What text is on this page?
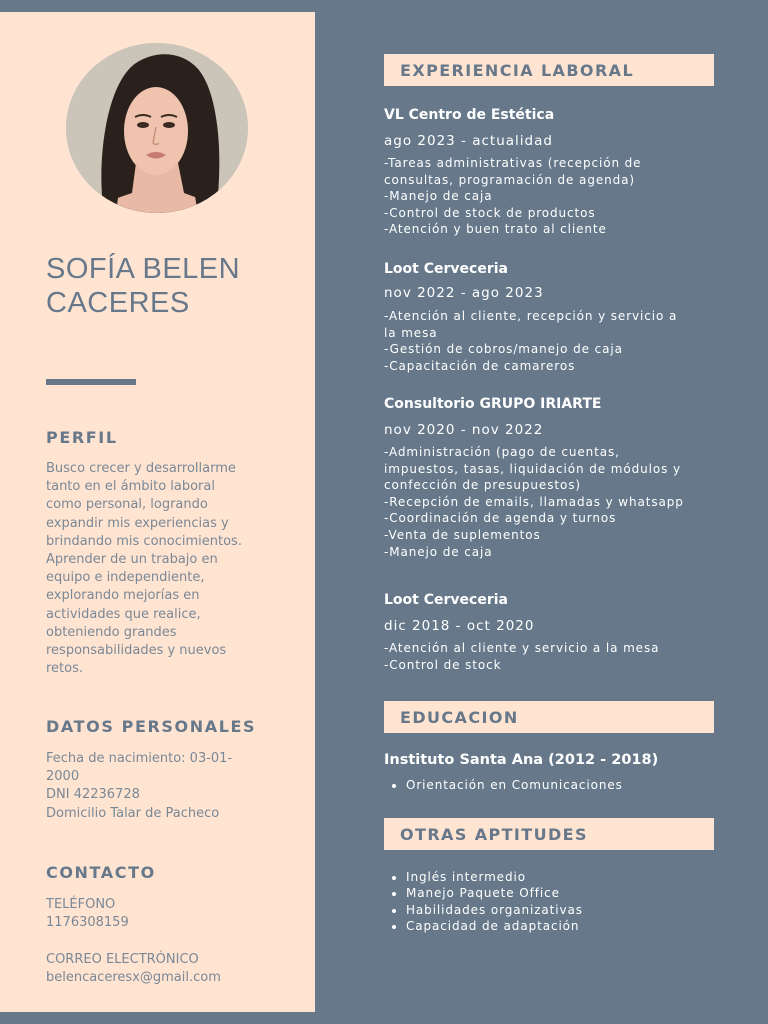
SOFÍA BELEN
CACERES
PERFIL
Busco crecer y desarrollarme
tanto en el ámbito laboral
como personal, logrando
expandir mis experiencias y
brindando mis conocimientos.
Aprender de un trabajo en
equipo e independiente,
explorando mejorías en
actividades que realice,
obteniendo grandes
responsabilidades y nuevos
retos.
DATOS PERSONALES
Fecha de nacimiento: 03-01-
2000
DNI 42236728
Domicilio Talar de Pacheco
CONTACTO
TELÉFONO
1176308159
CORREO ELECTRÓNICO
belencaceresx@gmail.com
EXPERIENCIA LABORAL
VL Centro de Estética
ago 2023 - actualidad
-Tareas administrativas (recepción de
consultas, programación de agenda)
-Manejo de caja
-Control de stock de productos
-Atención y buen trato al cliente
Loot Cerveceria
nov 2022 - ago 2023
-Atención al cliente, recepción y servicio a
la mesa
-Gestión de cobros/manejo de caja
-Capacitación de camareros
Consultorio GRUPO IRIARTE
nov 2020 - nov 2022
-Administración (pago de cuentas,
impuestos, tasas, liquidación de módulos y
confección de presupuestos)
-Recepción de emails, llamadas y whatsapp
-Coordinación de agenda y turnos
-Venta de suplementos
-Manejo de caja
Loot Cerveceria
dic 2018 - oct 2020
-Atención al cliente y servicio a la mesa
-Control de stock
EDUCACION
Instituto Santa Ana (2012 - 2018)
Orientación en Comunicaciones
OTRAS APTITUDES
Inglés intermedio
Manejo Paquete Office
Habilidades organizativas
Capacidad de adaptación
